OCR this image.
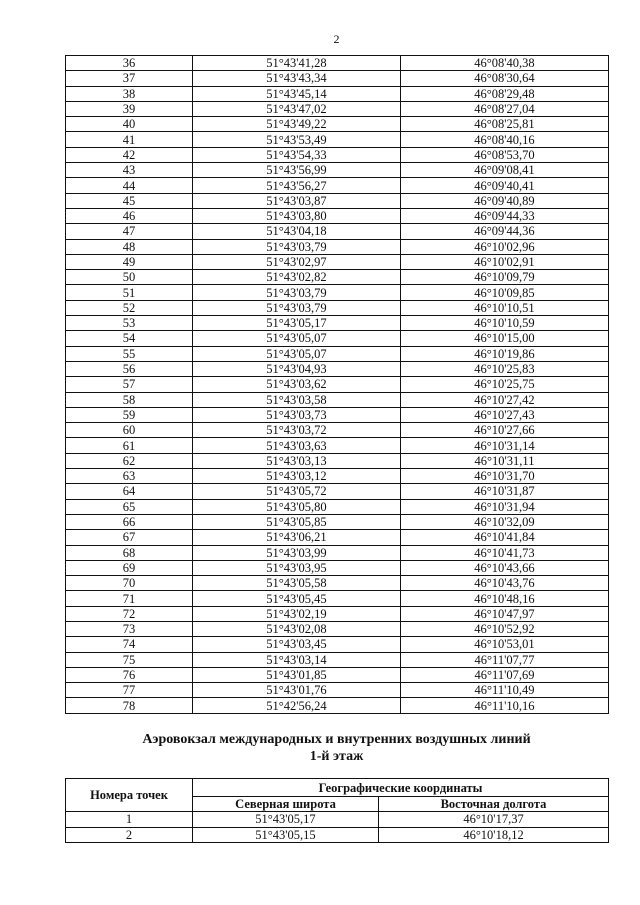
2
36	51°43'41,28	46°08'40,38
37	51°43'43,34	46°08'30,64
38	51°43'45,14	46°08'29,48
39	51°43'47,02	46°08'27,04
40	51°43'49,22	46°08'25,81
41	51°43'53,49	46°08'40,16
42	51°43'54,33	46°08'53,70
43	51°43'56,99	46°09'08,41
44	51°43'56,27	46°09'40,41
45	51°43'03,87	46°09'40,89
46	51°43'03,80	46°09'44,33
47	51°43'04,18	46°09'44,36
48	51°43'03,79	46°10'02,96
49	51°43'02,97	46°10'02,91
50	51°43'02,82	46°10'09,79
51	51°43'03,79	46°10'09,85
52	51°43'03,79	46°10'10,51
53	51°43'05,17	46°10'10,59
54	51°43'05,07	46°10'15,00
55	51°43'05,07	46°10'19,86
56	51°43'04,93	46°10'25,83
57	51°43'03,62	46°10'25,75
58	51°43'03,58	46°10'27,42
59	51°43'03,73	46°10'27,43
60	51°43'03,72	46°10'27,66
61	51°43'03,63	46°10'31,14
62	51°43'03,13	46°10'31,11
63	51°43'03,12	46°10'31,70
64	51°43'05,72	46°10'31,87
65	51°43'05,80	46°10'31,94
66	51°43'05,85	46°10'32,09
67	51°43'06,21	46°10'41,84
68	51°43'03,99	46°10'41,73
69	51°43'03,95	46°10'43,66
70	51°43'05,58	46°10'43,76
71	51°43'05,45	46°10'48,16
72	51°43'02,19	46°10'47,97
73	51°43'02,08	46°10'52,92
74	51°43'03,45	46°10'53,01
75	51°43'03,14	46°11'07,77
76	51°43'01,85	46°11'07,69
77	51°43'01,76	46°11'10,49
78	51°42'56,24	46°11'10,16
Аэровокзал международных и внутренних воздушных линий
1-й этаж
Номера точек	Географические координаты	
	Северная широта	Восточная долгота
1	51°43'05,17	46°10'17,37
2	51°43'05,15	46°10'18,12
